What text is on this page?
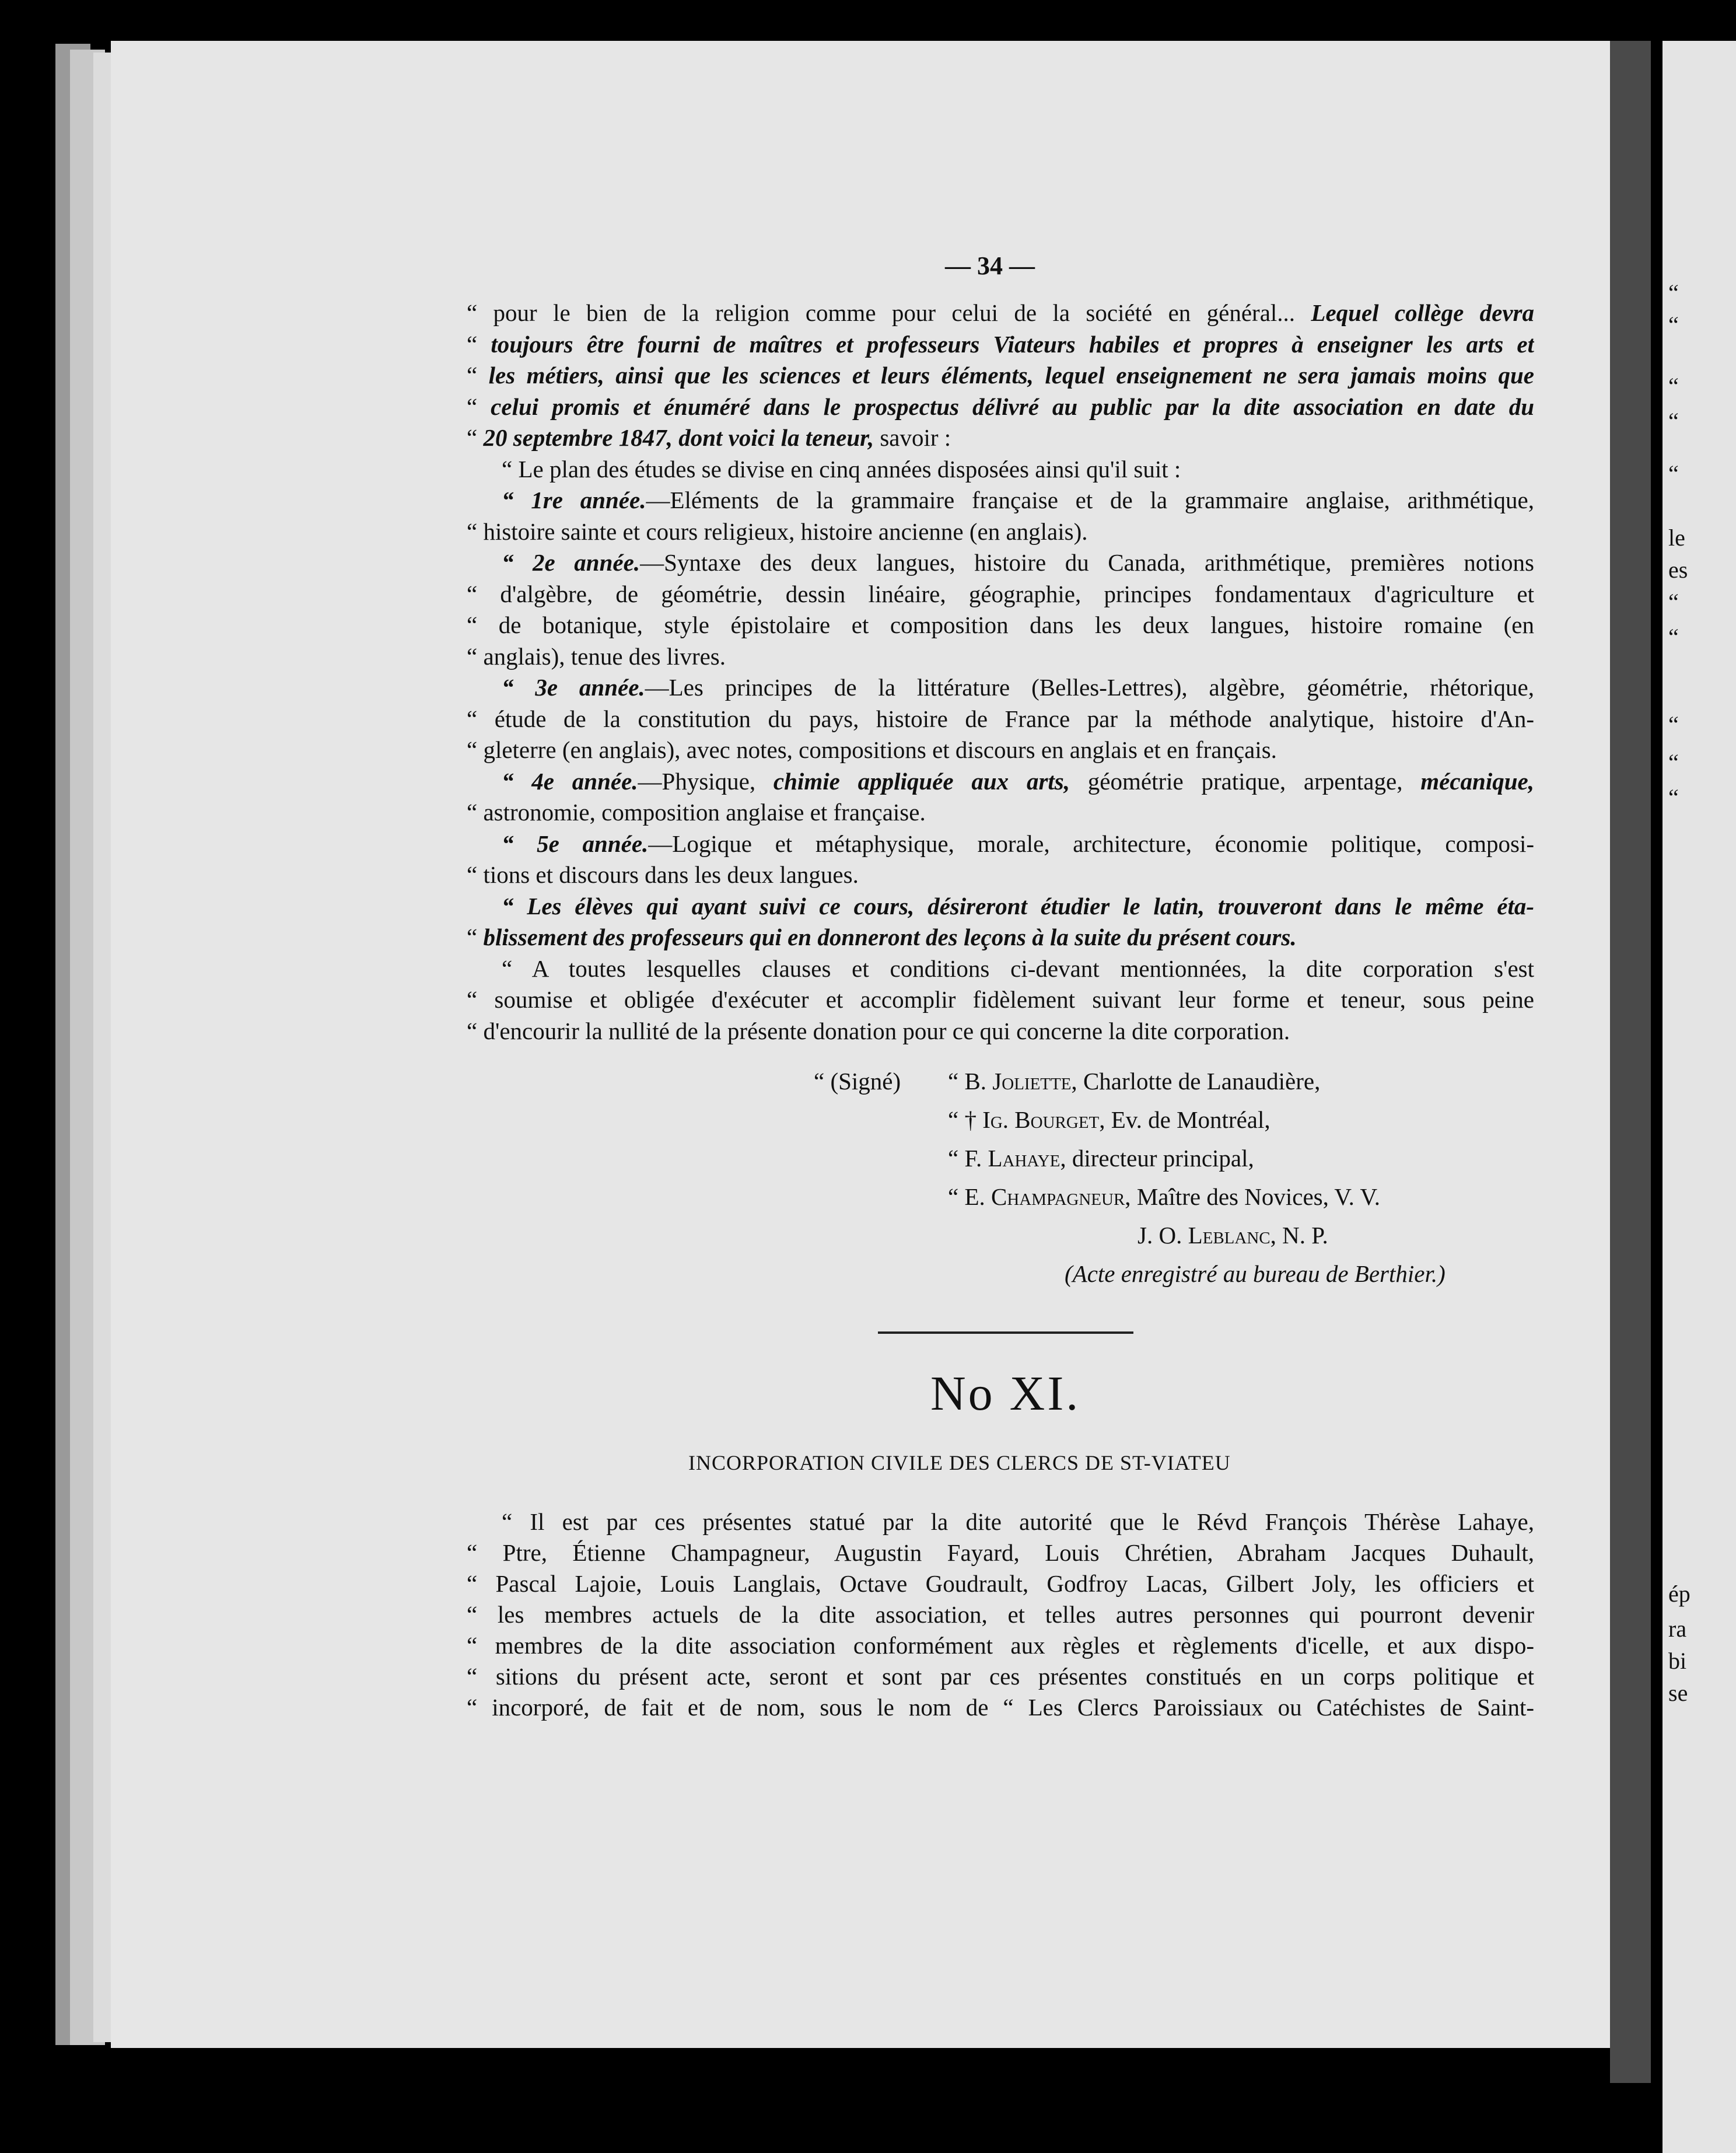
“
“
“
“
“
le
es
“
“
“
“
“
ép
ra
bi
se
— 34 —
“ pour le bien de la religion comme pour celui de la société en général... Lequel collège devra
“ toujours être fourni de maîtres et professeurs Viateurs habiles et propres à enseigner les arts et
“ les métiers, ainsi que les sciences et leurs éléments, lequel enseignement ne sera jamais moins que
“ celui promis et énuméré dans le prospectus délivré au public par la dite association en date du
“ 20 septembre 1847, dont voici la teneur, savoir :
“ Le plan des études se divise en cinq années disposées ainsi qu'il suit :
“ 1re année.—Eléments de la grammaire française et de la grammaire anglaise, arithmétique,
“ histoire sainte et cours religieux, histoire ancienne (en anglais).
“ 2e année.—Syntaxe des deux langues, histoire du Canada, arithmétique, premières notions
“ d'algèbre, de géométrie, dessin linéaire, géographie, principes fondamentaux d'agriculture et
“ de botanique, style épistolaire et composition dans les deux langues, histoire romaine (en
“ anglais), tenue des livres.
“ 3e année.—Les principes de la littérature (Belles-Lettres), algèbre, géométrie, rhétorique,
“ étude de la constitution du pays, histoire de France par la méthode analytique, histoire d'An-
“ gleterre (en anglais), avec notes, compositions et discours en anglais et en français.
“ 4e année.—Physique, chimie appliquée aux arts, géométrie pratique, arpentage, mécanique,
“ astronomie, composition anglaise et française.
“ 5e année.—Logique et métaphysique, morale, architecture, économie politique, composi-
“ tions et discours dans les deux langues.
“ Les élèves qui ayant suivi ce cours, désireront étudier le latin, trouveront dans le même éta-
“ blissement des professeurs qui en donneront des leçons à la suite du présent cours.
“ A toutes lesquelles clauses et conditions ci-devant mentionnées, la dite corporation s'est
“ soumise et obligée d'exécuter et accomplir fidèlement suivant leur forme et teneur, sous peine
“ d'encourir la nullité de la présente donation pour ce qui concerne la dite corporation.
“ (Signé) “ B. Joliette, Charlotte de Lanaudière,
“ † Ig. Bourget, Ev. de Montréal,
“ F. Lahaye, directeur principal,
“ E. Champagneur, Maître des Novices, V. V.
J. O. Leblanc, N. P.
(Acte enregistré au bureau de Berthier.)
No XI.
INCORPORATION CIVILE DES CLERCS DE ST-VIATEU
“ Il est par ces présentes statué par la dite autorité que le Révd François Thérèse Lahaye,
“ Ptre, Étienne Champagneur, Augustin Fayard, Louis Chrétien, Abraham Jacques Duhault,
“ Pascal Lajoie, Louis Langlais, Octave Goudrault, Godfroy Lacas, Gilbert Joly, les officiers et
“ les membres actuels de la dite association, et telles autres personnes qui pourront devenir
“ membres de la dite association conformément aux règles et règlements d'icelle, et aux dispo-
“ sitions du présent acte, seront et sont par ces présentes constitués en un corps politique et
“ incorporé, de fait et de nom, sous le nom de “ Les Clercs Paroissiaux ou Catéchistes de Saint-
